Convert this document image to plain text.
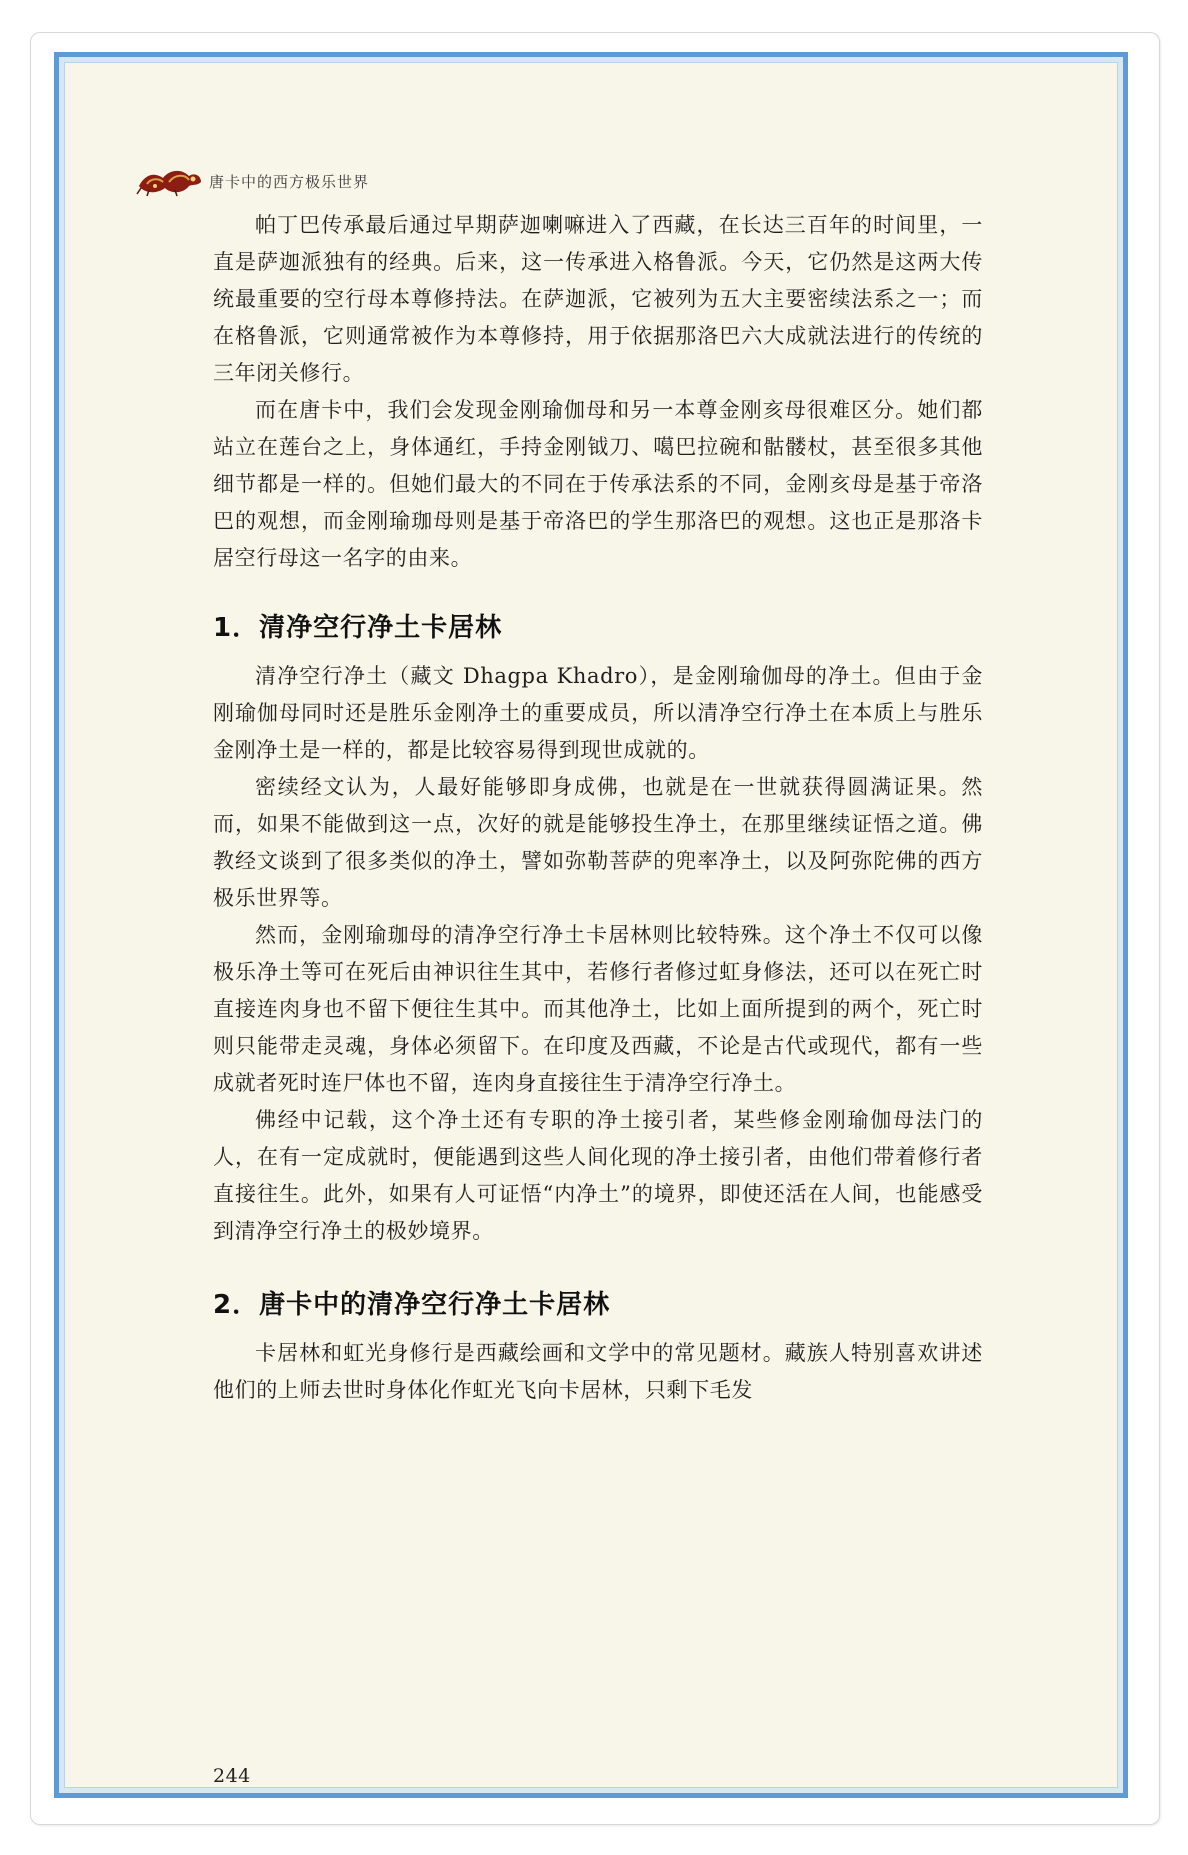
唐卡中的西方极乐世界

帕丁巴传承最后通过早期萨迦喇嘛进入了西藏，在长达三百年的时间里，一直是萨迦派独有的经典。后来，这一传承进入格鲁派。今天，它仍然是这两大传统最重要的空行母本尊修持法。在萨迦派，它被列为五大主要密续法系之一；而在格鲁派，它则通常被作为本尊修持，用于依据那洛巴六大成就法进行的传统的三年闭关修行。

而在唐卡中，我们会发现金刚瑜伽母和另一本尊金刚亥母很难区分。她们都站立在莲台之上，身体通红，手持金刚钺刀、噶巴拉碗和骷髅杖，甚至很多其他细节都是一样的。但她们最大的不同在于传承法系的不同，金刚亥母是基于帝洛巴的观想，而金刚瑜珈母则是基于帝洛巴的学生那洛巴的观想。这也正是那洛卡居空行母这一名字的由来。

1．清净空行净土卡居林

清净空行净土（藏文 Dhagpa Khadro），是金刚瑜伽母的净土。但由于金刚瑜伽母同时还是胜乐金刚净土的重要成员，所以清净空行净土在本质上与胜乐金刚净土是一样的，都是比较容易得到现世成就的。

密续经文认为，人最好能够即身成佛，也就是在一世就获得圆满证果。然而，如果不能做到这一点，次好的就是能够投生净土，在那里继续证悟之道。佛教经文谈到了很多类似的净土，譬如弥勒菩萨的兜率净土，以及阿弥陀佛的西方极乐世界等。

然而，金刚瑜珈母的清净空行净土卡居林则比较特殊。这个净土不仅可以像极乐净土等可在死后由神识往生其中，若修行者修过虹身修法，还可以在死亡时直接连肉身也不留下便往生其中。而其他净土，比如上面所提到的两个，死亡时则只能带走灵魂，身体必须留下。在印度及西藏，不论是古代或现代，都有一些成就者死时连尸体也不留，连肉身直接往生于清净空行净土。

佛经中记载，这个净土还有专职的净土接引者，某些修金刚瑜伽母法门的人，在有一定成就时，便能遇到这些人间化现的净土接引者，由他们带着修行者直接往生。此外，如果有人可证悟“内净土”的境界，即使还活在人间，也能感受到清净空行净土的极妙境界。

2．唐卡中的清净空行净土卡居林

卡居林和虹光身修行是西藏绘画和文学中的常见题材。藏族人特别喜欢讲述他们的上师去世时身体化作虹光飞向卡居林，只剩下毛发

244
